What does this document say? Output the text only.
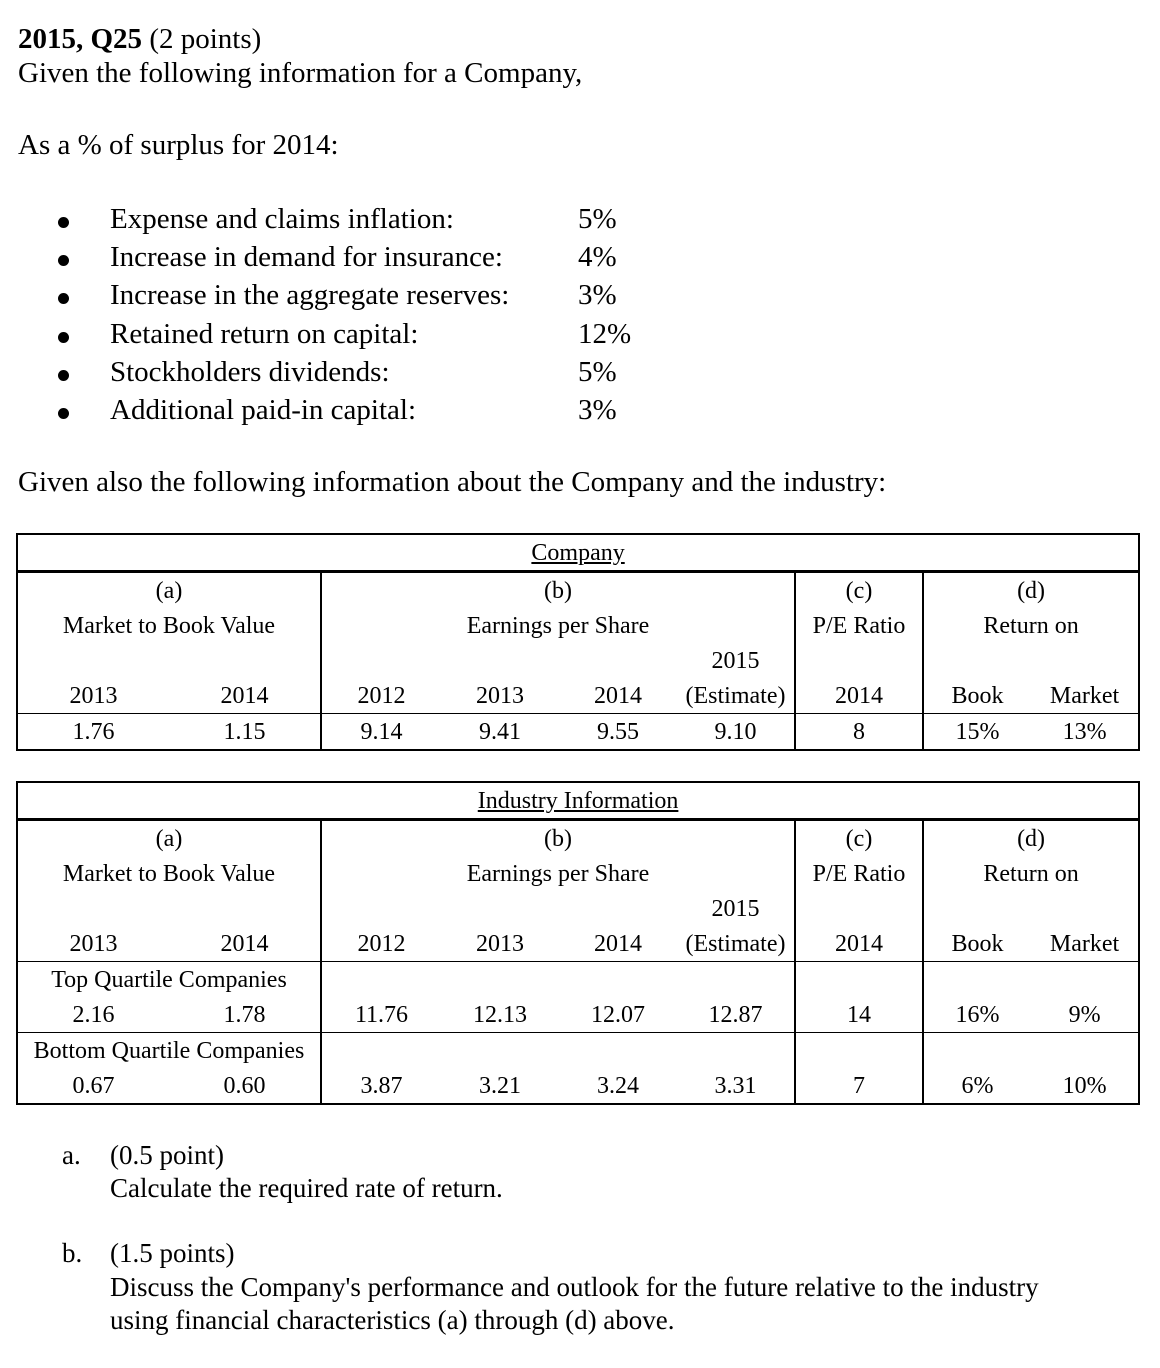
2015, Q25 (2 points)
Given the following information for a Company,
As a % of surplus for 2014:
Expense and claims inflation:	5%
Increase in demand for insurance:	4%
Increase in the aggregate reserves: 3%
Retained return on capital:	12%
Stockholders dividends:	5%
Additional paid-in capital:	3%
Given also the following information about the Company and the industry:
Company								
(a)		(b)				(c)	(d)	
Market to Book Value		Earnings per Share				P/E Ratio	Return on	
					2015			
2013	2014	2012	2013	2014	(Estimate)	2014	Book	Market
1.76	1.15	9.14	9.41	9.55	9.10	8	15%	13%
Industry Information								
(a)		(b)				(c)	(d)	
Market to Book Value		Earnings per Share				P/E Ratio	Return on	
					2015			
2013	2014	2012	2013	2014	(Estimate)	2014	Book	Market
Top Quartile Companies								
2.16	1.78	11.76	12.13	12.07	12.87	14	16%	9%
Bottom Quartile Companies								
0.67	0.60	3.87	3.21	3.24	3.31	7	6%	10%
a. (0.5 point)
Calculate the required rate of return.
b. (1.5 points)
Discuss the Company's performance and outlook for the future relative to the industry
using financial characteristics (a) through (d) above.
